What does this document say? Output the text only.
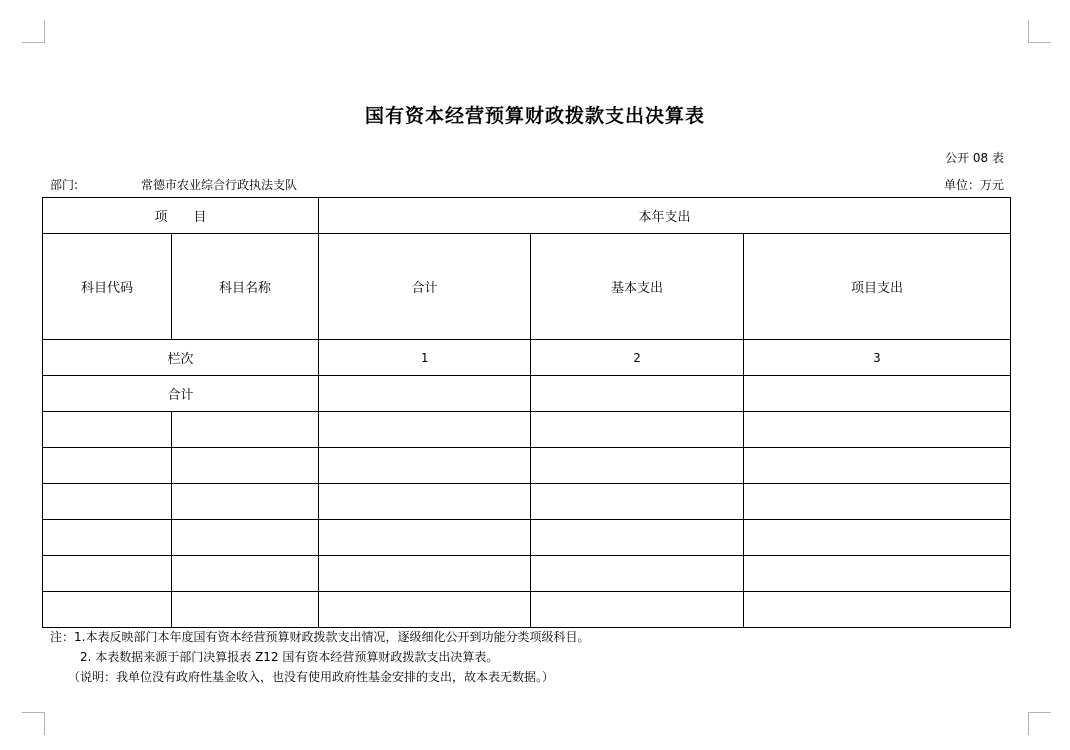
国有资本经营预算财政拨款支出决算表
公开 08 表
部门:	常德市农业综合行政执法支队	单位：万元
项　　目		本年支出		
科目代码	科目名称	合计	基本支出	项目支出
栏次		1	2	3
合计				

注：1.本表反映部门本年度国有资本经营预算财政拨款支出情况，逐级细化公开到功能分类项级科目。
2. 本表数据来源于部门决算报表 Z12 国有资本经营预算财政拨款支出决算表。
（说明：我单位没有政府性基金收入，也没有使用政府性基金安排的支出，故本表无数据。）
